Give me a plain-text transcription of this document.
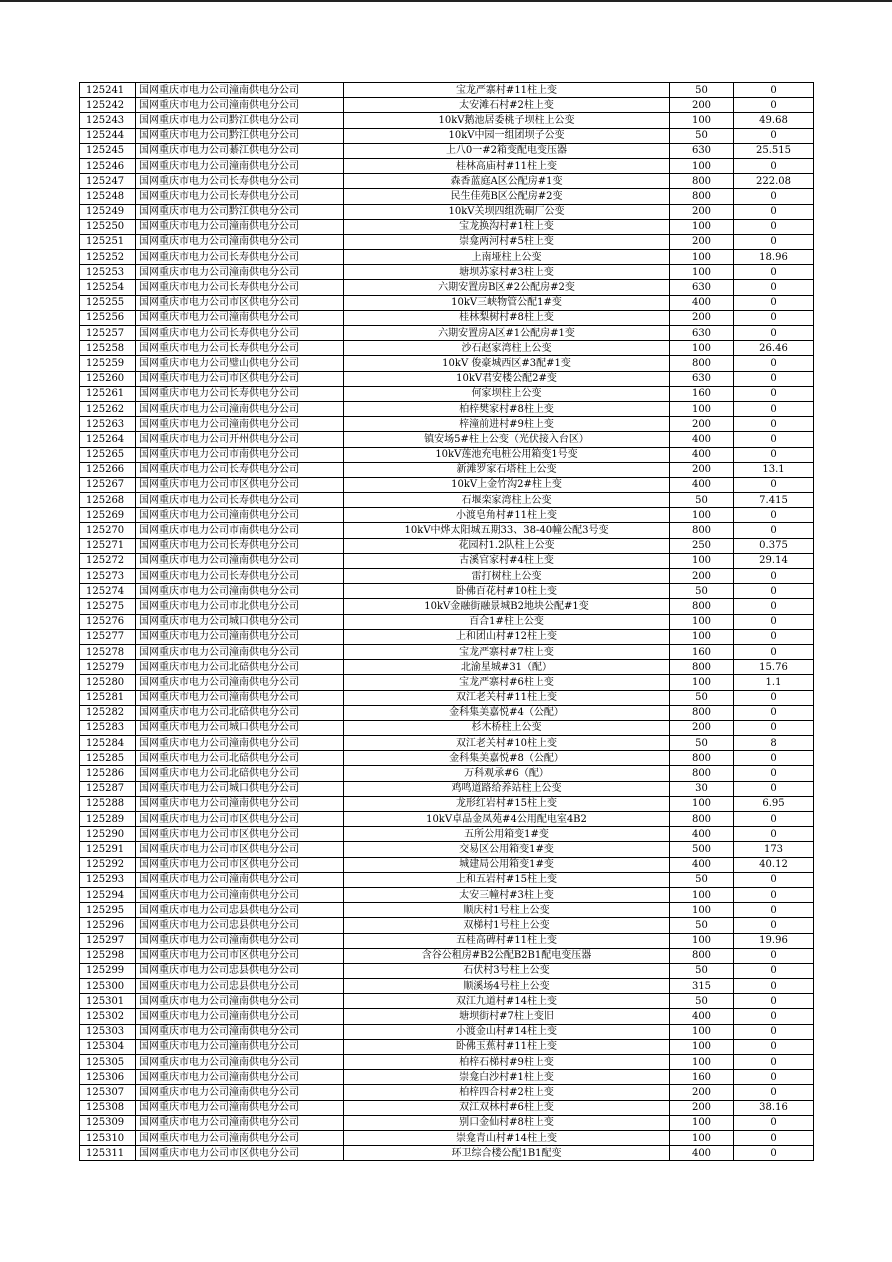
125241	国网重庆市电力公司潼南供电分公司	宝龙严寨村#11柱上变	50	0
125242	国网重庆市电力公司潼南供电分公司	太安滩石村#2柱上变	200	0
125243	国网重庆市电力公司黔江供电分公司	10kV鹅池居委桃子坝柱上公变	100	49.68
125244	国网重庆市电力公司黔江供电分公司	10kV中园一组团坝子公变	50	0
125245	国网重庆市电力公司綦江供电分公司	上八0一#2箱变配电变压器	630	25.515
125246	国网重庆市电力公司潼南供电分公司	桂林高庙村#11柱上变	100	0
125247	国网重庆市电力公司长寿供电分公司	森香蓝庭A区公配房#1变	800	222.08
125248	国网重庆市电力公司长寿供电分公司	民生佳苑B区公配房#2变	800	0
125249	国网重庆市电力公司黔江供电分公司	10kV关坝四组洗硐厂公变	200	0
125250	国网重庆市电力公司潼南供电分公司	宝龙换沟村#1柱上变	100	0
125251	国网重庆市电力公司潼南供电分公司	崇龛两河村#5柱上变	200	0
125252	国网重庆市电力公司长寿供电分公司	上南垭柱上公变	100	18.96
125253	国网重庆市电力公司潼南供电分公司	塘坝苏家村#3柱上变	100	0
125254	国网重庆市电力公司长寿供电分公司	六期安置房B区#2公配房#2变	630	0
125255	国网重庆市电力公司市区供电分公司	10kV三峡物管公配1#变	400	0
125256	国网重庆市电力公司潼南供电分公司	桂林梨树村#8柱上变	200	0
125257	国网重庆市电力公司长寿供电分公司	六期安置房A区#1公配房#1变	630	0
125258	国网重庆市电力公司长寿供电分公司	沙石赵家湾柱上公变	100	26.46
125259	国网重庆市电力公司璧山供电分公司	10kV 俊豪城西区#3配#1变	800	0
125260	国网重庆市电力公司市区供电分公司	10kV君安楼公配2#变	630	0
125261	国网重庆市电力公司长寿供电分公司	何家坝柱上公变	160	0
125262	国网重庆市电力公司潼南供电分公司	柏梓樊家村#8柱上变	100	0
125263	国网重庆市电力公司潼南供电分公司	梓潼前进村#9柱上变	200	0
125264	国网重庆市电力公司开州供电分公司	镇安场5#柱上公变（光伏接入台区）	400	0
125265	国网重庆市电力公司市南供电分公司	10kV莲池充电桩公用箱变1号变	400	0
125266	国网重庆市电力公司长寿供电分公司	新滩罗家石塔柱上公变	200	13.1
125267	国网重庆市电力公司市区供电分公司	10kV上金竹沟2#柱上变	400	0
125268	国网重庆市电力公司长寿供电分公司	石堰栾家湾柱上公变	50	7.415
125269	国网重庆市电力公司潼南供电分公司	小渡皂角村#11柱上变	100	0
125270	国网重庆市电力公司市南供电分公司	10kV中烨太阳城五期33、38-40幢公配3号变	800	0
125271	国网重庆市电力公司长寿供电分公司	花园村1.2队柱上公变	250	0.375
125272	国网重庆市电力公司潼南供电分公司	古溪官家村#4柱上变	100	29.14
125273	国网重庆市电力公司长寿供电分公司	雷打树柱上公变	200	0
125274	国网重庆市电力公司潼南供电分公司	卧佛百花村#10柱上变	50	0
125275	国网重庆市电力公司市北供电分公司	10kV金融街融景城B2地块公配#1变	800	0
125276	国网重庆市电力公司城口供电分公司	百合1#柱上公变	100	0
125277	国网重庆市电力公司潼南供电分公司	上和团山村#12柱上变	100	0
125278	国网重庆市电力公司潼南供电分公司	宝龙严寨村#7柱上变	160	0
125279	国网重庆市电力公司北碚供电分公司	北渝星城#31（配）	800	15.76
125280	国网重庆市电力公司潼南供电分公司	宝龙严寨村#6柱上变	100	1.1
125281	国网重庆市电力公司潼南供电分公司	双江老关村#11柱上变	50	0
125282	国网重庆市电力公司北碚供电分公司	金科集美嘉悦#4（公配）	800	0
125283	国网重庆市电力公司城口供电分公司	杉木桥柱上公变	200	0
125284	国网重庆市电力公司潼南供电分公司	双江老关村#10柱上变	50	8
125285	国网重庆市电力公司北碚供电分公司	金科集美嘉悦#8（公配）	800	0
125286	国网重庆市电力公司北碚供电分公司	万科观承#6（配）	800	0
125287	国网重庆市电力公司城口供电分公司	鸡鸣道路给养站柱上公变	30	0
125288	国网重庆市电力公司潼南供电分公司	龙形红岩村#15柱上变	100	6.95
125289	国网重庆市电力公司市区供电分公司	10kV卓品金凤苑#4公用配电室4B2	800	0
125290	国网重庆市电力公司市区供电分公司	五所公用箱变1#变	400	0
125291	国网重庆市电力公司市区供电分公司	交易区公用箱变1#变	500	173
125292	国网重庆市电力公司市区供电分公司	城建局公用箱变1#变	400	40.12
125293	国网重庆市电力公司潼南供电分公司	上和五岩村#15柱上变	50	0
125294	国网重庆市电力公司潼南供电分公司	太安三幢村#3柱上变	100	0
125295	国网重庆市电力公司忠县供电分公司	顺庆村1号柱上公变	100	0
125296	国网重庆市电力公司忠县供电分公司	双梯村1号柱上公变	50	0
125297	国网重庆市电力公司潼南供电分公司	五桂高碑村#11柱上变	100	19.96
125298	国网重庆市电力公司市区供电分公司	含谷公租房#B2公配B2B1配电变压器	800	0
125299	国网重庆市电力公司忠县供电分公司	石伏村3号柱上公变	50	0
125300	国网重庆市电力公司忠县供电分公司	顺溪场4号柱上公变	315	0
125301	国网重庆市电力公司潼南供电分公司	双江九道村#14柱上变	50	0
125302	国网重庆市电力公司潼南供电分公司	塘坝街村#7柱上变旧	400	0
125303	国网重庆市电力公司潼南供电分公司	小渡金山村#14柱上变	100	0
125304	国网重庆市电力公司潼南供电分公司	卧佛玉蕉村#11柱上变	100	0
125305	国网重庆市电力公司潼南供电分公司	柏梓石梯村#9柱上变	100	0
125306	国网重庆市电力公司潼南供电分公司	崇龛白沙村#1柱上变	160	0
125307	国网重庆市电力公司潼南供电分公司	柏梓四合村#2柱上变	200	0
125308	国网重庆市电力公司潼南供电分公司	双江双林村#6柱上变	200	38.16
125309	国网重庆市电力公司潼南供电分公司	别口金仙村#8柱上变	100	0
125310	国网重庆市电力公司潼南供电分公司	崇龛青山村#14柱上变	100	0
125311	国网重庆市电力公司市区供电分公司	环卫综合楼公配1B1配变	400	0
